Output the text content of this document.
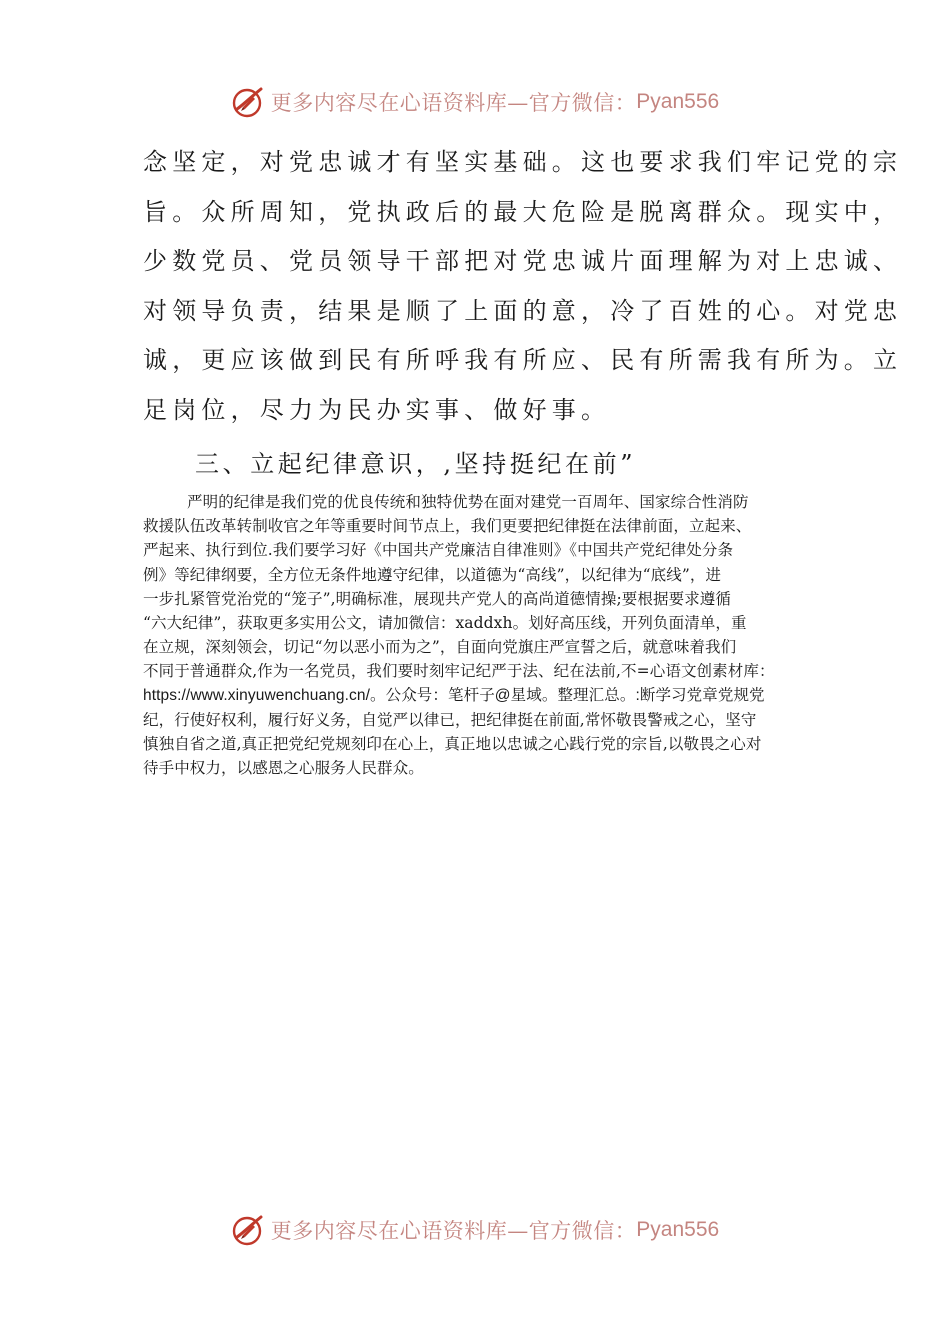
更多内容尽在心语资料库—官方微信： Pyan556
念坚定，对党忠诚才有坚实基础。这也要求我们牢记党的宗
旨。众所周知，党执政后的最大危险是脱离群众。现实中，
少数党员、党员领导干部把对党忠诚片面理解为对上忠诚、
对领导负责，结果是顺了上面的意，冷了百姓的心。对党忠
诚，更应该做到民有所呼我有所应、民有所需我有所为。立
足岗位，尽力为民办实事、做好事。
三、立起纪律意识，,坚持挺纪在前”
严明的纪律是我们党的优良传统和独特优势在面对建党一百周年、国家综合性消防
救援队伍改革转制收官之年等重要时间节点上，我们更要把纪律挺在法律前面，立起来、
严起来、执行到位.我们要学习好《中国共产党廉洁自律准则》《中国共产党纪律处分条
例》等纪律纲要，全方位无条件地遵守纪律，以道德为“高线”，以纪律为“底线”，进
一步扎紧管党治党的“笼子”,明确标准，展现共产党人的高尚道德情操;要根据要求遵循
“六大纪律”，获取更多实用公文，请加微信：xaddxh。划好高压线，开列负面清单，重
在立规，深刻领会，切记“勿以恶小而为之”，自面向党旗庄严宣誓之后，就意味着我们
不同于普通群众,作为一名党员，我们要时刻牢记纪严于法、纪在法前,不=心语文创素材库：
https://www.xinyuwenchuang.cn/。公众号：笔杆子@星域。整理汇总。:断学习党章党规党
纪，行使好权利，履行好义务，自觉严以律已，把纪律挺在前面,常怀敬畏警戒之心，坚守
慎独自省之道,真正把党纪党规刻印在心上，真正地以忠诚之心践行党的宗旨,以敬畏之心对
待手中权力，以感恩之心服务人民群众。
更多内容尽在心语资料库—官方微信： Pyan556
